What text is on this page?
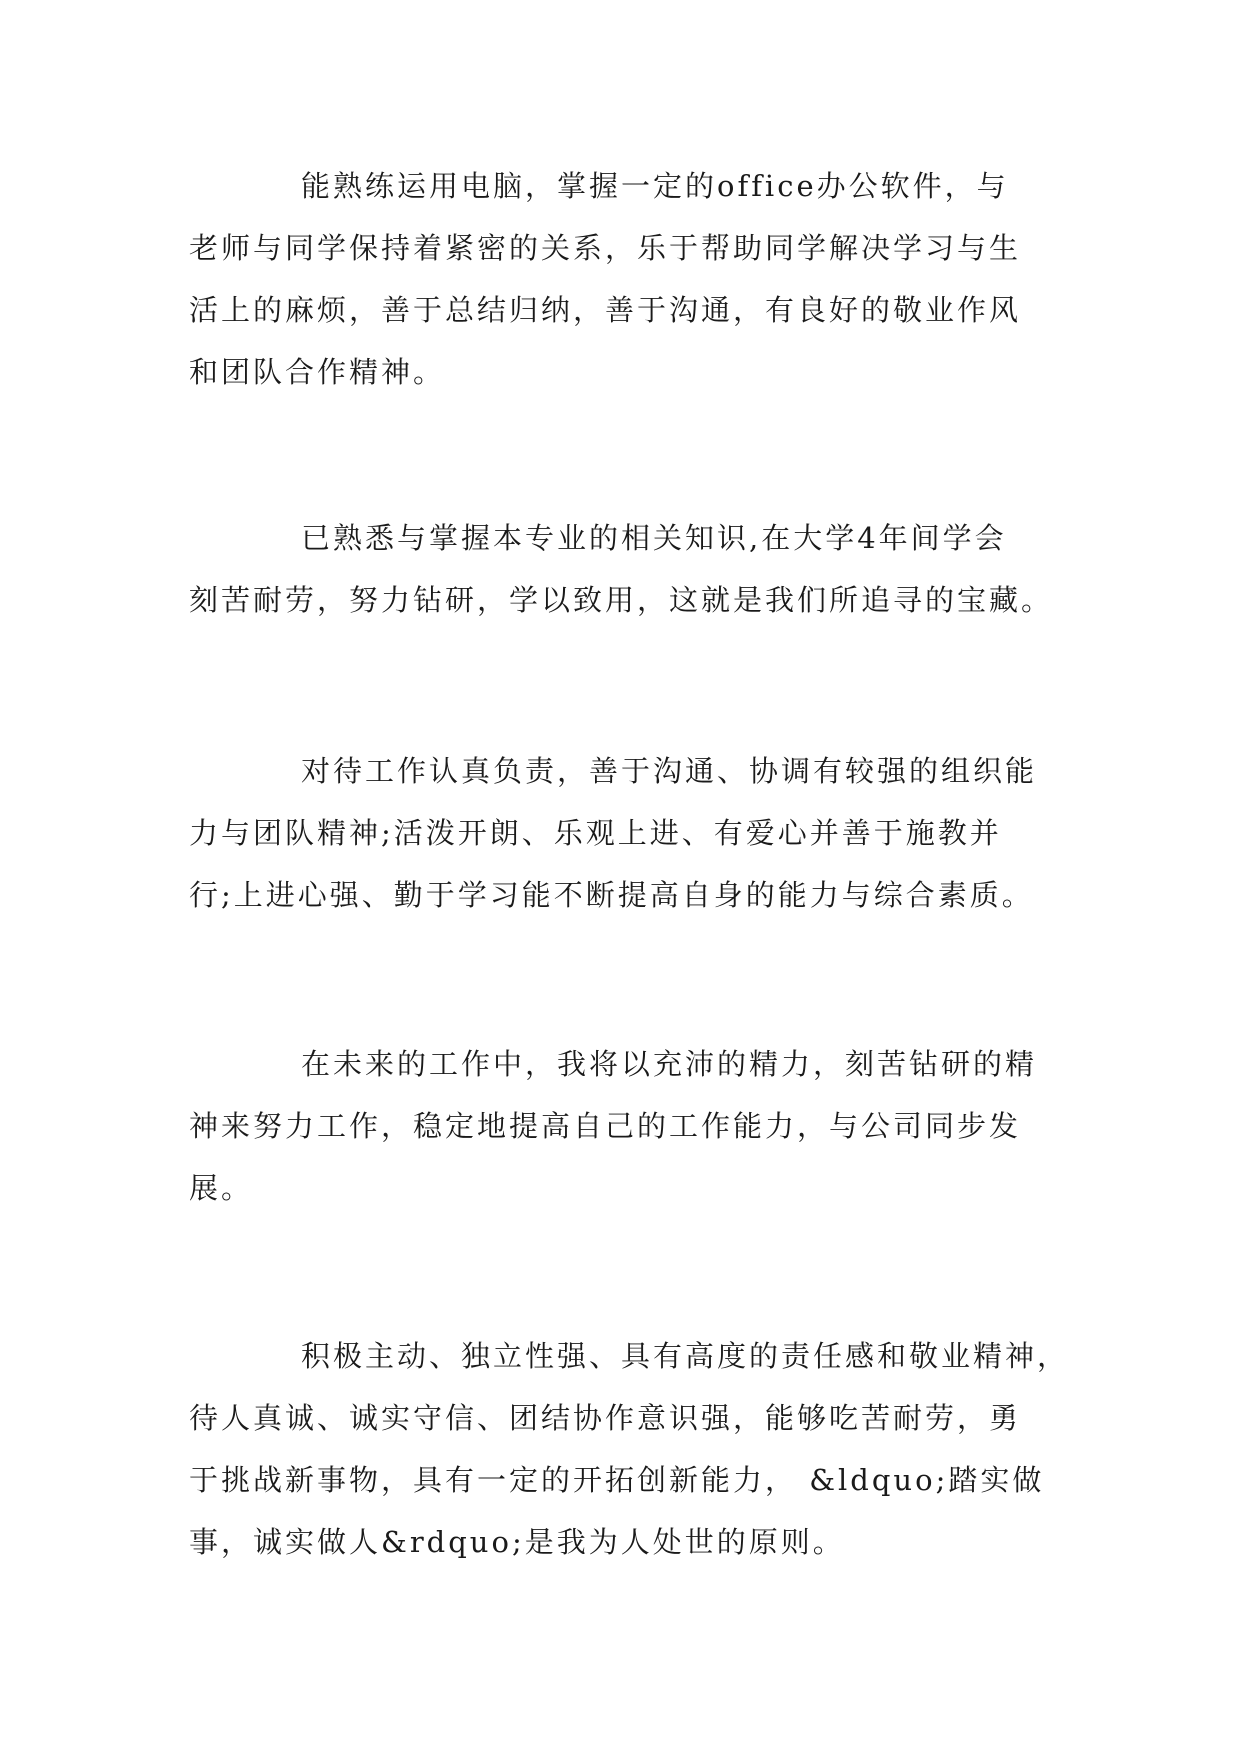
能熟练运用电脑，掌握一定的office办公软件，与
老师与同学保持着紧密的关系，乐于帮助同学解决学习与生
活上的麻烦，善于总结归纳，善于沟通，有良好的敬业作风
和团队合作精神。

已熟悉与掌握本专业的相关知识,在大学4年间学会
刻苦耐劳，努力钻研，学以致用，这就是我们所追寻的宝藏。

对待工作认真负责，善于沟通、协调有较强的组织能
力与团队精神;活泼开朗、乐观上进、有爱心并善于施教并
行;上进心强、勤于学习能不断提高自身的能力与综合素质。

在未来的工作中，我将以充沛的精力，刻苦钻研的精
神来努力工作，稳定地提高自己的工作能力，与公司同步发
展。

积极主动、独立性强、具有高度的责任感和敬业精神，
待人真诚、诚实守信、团结协作意识强，能够吃苦耐劳，勇
于挑战新事物，具有一定的开拓创新能力， &ldquo;踏实做
事，诚实做人&rdquo;是我为人处世的原则。
